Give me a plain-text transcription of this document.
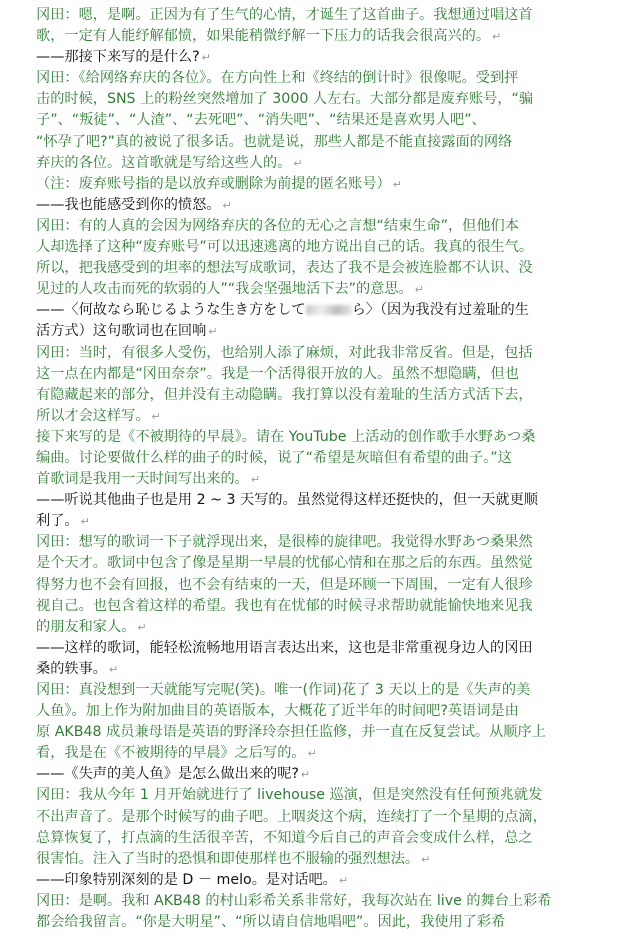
冈田：嗯，是啊。正因为有了生气的心情，才诞生了这首曲子。我想通过唱这首
歌，一定有人能纾解郁愤，如果能稍微纾解一下压力的话我会很高兴的。 ↵
——那接下来写的是什么? ↵
冈田：《给网络弃庆的各位》。在方向性上和《终结的倒计时》很像呢。受到抨
击的时候，SNS 上的粉丝突然增加了 3000 人左右。大部分都是废弃账号，“骗
子”、“叛徒”、“人渣”、“去死吧”、“消失吧”、“结果还是喜欢男人吧”、
“怀孕了吧?”真的被说了很多话。也就是说，那些人都是不能直接露面的网络
弃庆的各位。这首歌就是写给这些人的。 ↵
（注：废弃账号指的是以放弃或删除为前提的匿名账号） ↵
——我也能感受到你的愤怒。 ↵
冈田：有的人真的会因为网络弃庆的各位的无心之言想“结束生命”，但他们本
人却选择了这种“废弃账号”可以迅速逃离的地方说出自己的话。我真的很生气。
所以，把我感受到的坦率的想法写成歌词，表达了我不是会被连脸都不认识、没
见过的人攻击而死的软弱的人”“我会坚强地活下去”的意思。 ↵
——〈何故なら恥じるような生き方をして	ら〉（因为我没有过羞耻的生
活方式）这句歌词也在回响 ↵
冈田：当时，有很多人受伤，也给别人添了麻烦，对此我非常反省。但是，包括
这一点在内都是“冈田奈奈”。我是一个活得很开放的人。虽然不想隐瞒，但也
有隐藏起来的部分，但并没有主动隐瞒。我打算以没有羞耻的生活方式活下去，
所以才会这样写。 ↵
接下来写的是《不被期待的早晨》。请在 YouTube 上活动的创作歌手水野あつ桑
编曲。讨论要做什么样的曲子的时候，说了“希望是灰暗但有希望的曲子。”这
首歌词是我用一天时间写出来的。 ↵
——听说其他曲子也是用 2 ~ 3 天写的。虽然觉得这样还挺快的，但一天就更顺
利了。 ↵
冈田：想写的歌词一下子就浮现出来，是很棒的旋律吧。我觉得水野あつ桑果然
是个天才。歌词中包含了像是星期一早晨的忧郁心情和在那之后的东西。虽然觉
得努力也不会有回报，也不会有结束的一天，但是环顾一下周围，一定有人很珍
视自己。也包含着这样的希望。我也有在忧郁的时候寻求帮助就能愉快地来见我
的朋友和家人。 ↵
——这样的歌词，能轻松流畅地用语言表达出来，这也是非常重视身边人的冈田
桑的轶事。 ↵
冈田：真没想到一天就能写完呢(笑)。唯一(作词)花了 3 天以上的是《失声的美
人鱼》。加上作为附加曲目的英语版本，大概花了近半年的时间吧?英语词是由
原 AKB48 成员兼母语是英语的野泽玲奈担任监修，并一直在反复尝试。从顺序上
看，我是在《不被期待的早晨》之后写的。 ↵
——《失声的美人鱼》是怎么做出来的呢? ↵
冈田：我从今年 1 月开始就进行了 livehouse 巡演，但是突然没有任何预兆就发
不出声音了。是那个时候写的曲子吧。上咽炎这个病，连续打了一个星期的点滴，
总算恢复了，打点滴的生活很辛苦，不知道今后自己的声音会变成什么样，总之
很害怕。注入了当时的恐惧和即使那样也不服输的强烈想法。 ↵
——印象特别深刻的是 D － melo。是对话吧。 ↵
冈田：是啊。我和 AKB48 的村山彩希关系非常好，我每次站在 live 的舞台上彩希
都会给我留言。“你是大明星”、“所以请自信地唱吧”。因此，我使用了彩希
